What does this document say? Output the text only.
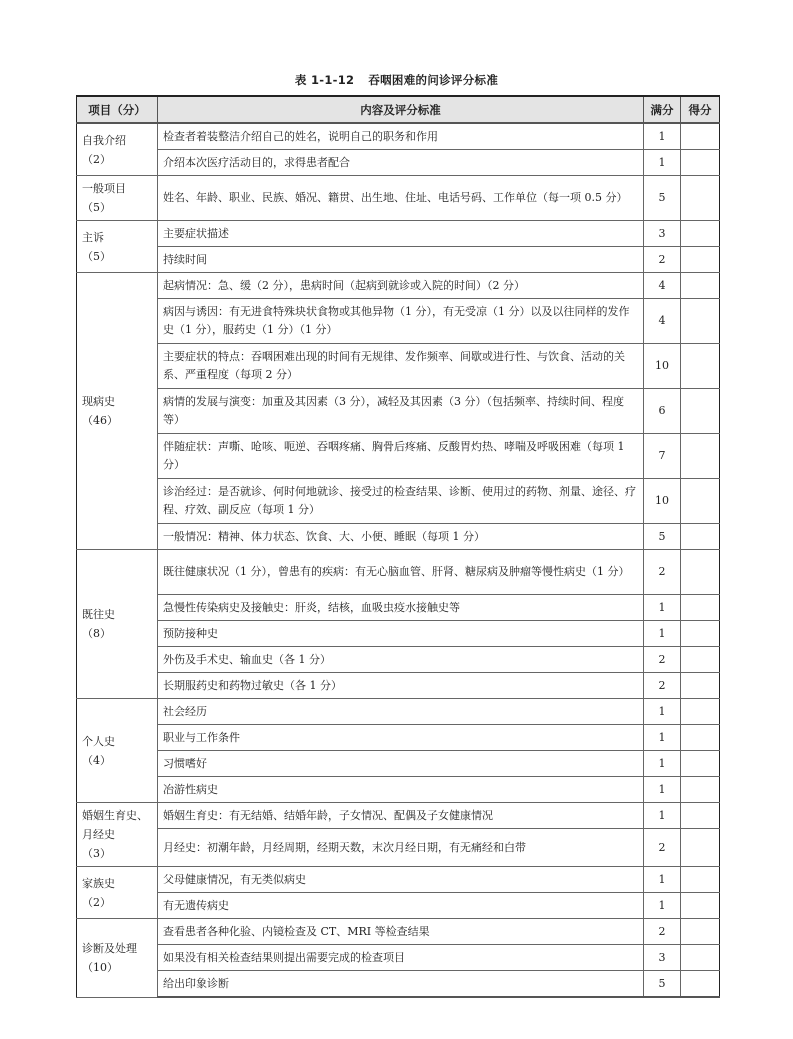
表 1-1-12 吞咽困难的问诊评分标准
项目（分）	内容及评分标准	满分	得分
自我介绍
（2）	检查者着装整洁介绍自己的姓名，说明自己的职务和作用	1	
	介绍本次医疗活动目的，求得患者配合	1	
一般项目
（5）	姓名、年龄、职业、民族、婚况、籍贯、出生地、住址、电话号码、工作单位（每一项 0.5 分）	5	
主诉
（5）	主要症状描述	3	
	持续时间	2	
现病史
（46）	起病情况：急、缓（2 分），患病时间（起病到就诊或入院的时间）（2 分）	4	
	病因与诱因：有无进食特殊块状食物或其他异物（1 分），有无受凉（1 分）以及以往同样的发作史（1 分），服药史（1 分）（1 分）	4	
	主要症状的特点：吞咽困难出现的时间有无规律、发作频率、间歇或进行性、与饮食、活动的关系、严重程度（每项 2 分）	10	
	病情的发展与演变：加重及其因素（3 分），减轻及其因素（3 分）（包括频率、持续时间、程度等）	6	
	伴随症状：声嘶、呛咳、呃逆、吞咽疼痛、胸骨后疼痛、反酸胃灼热、哮喘及呼吸困难（每项 1 分）	7	
	诊治经过：是否就诊、何时何地就诊、接受过的检查结果、诊断、使用过的药物、剂量、途径、疗程、疗效、副反应（每项 1 分）	10	
	一般情况：精神、体力状态、饮食、大、小便、睡眠（每项 1 分）	5	
既往史
（8）	既往健康状况（1 分），曾患有的疾病：有无心脑血管、肝肾、糖尿病及肿瘤等慢性病史（1 分）	2	
	急慢性传染病史及接触史：肝炎，结核，血吸虫疫水接触史等	1	
	预防接种史	1	
	外伤及手术史、输血史（各 1 分）	2	
	长期服药史和药物过敏史（各 1 分）	2	
个人史
（4）	社会经历	1	
	职业与工作条件	1	
	习惯嗜好	1	
	冶游性病史	1	
婚姻生育史、月经史
（3）	婚姻生育史：有无结婚、结婚年龄，子女情况、配偶及子女健康情况	1	
	月经史：初潮年龄，月经周期，经期天数，末次月经日期，有无痛经和白带	2	
家族史
（2）	父母健康情况，有无类似病史	1	
	有无遗传病史	1	
诊断及处理
（10）	查看患者各种化验、内镜检查及 CT、MRI 等检查结果	2	
	如果没有相关检查结果则提出需要完成的检查项目	3	
	给出印象诊断	5	
